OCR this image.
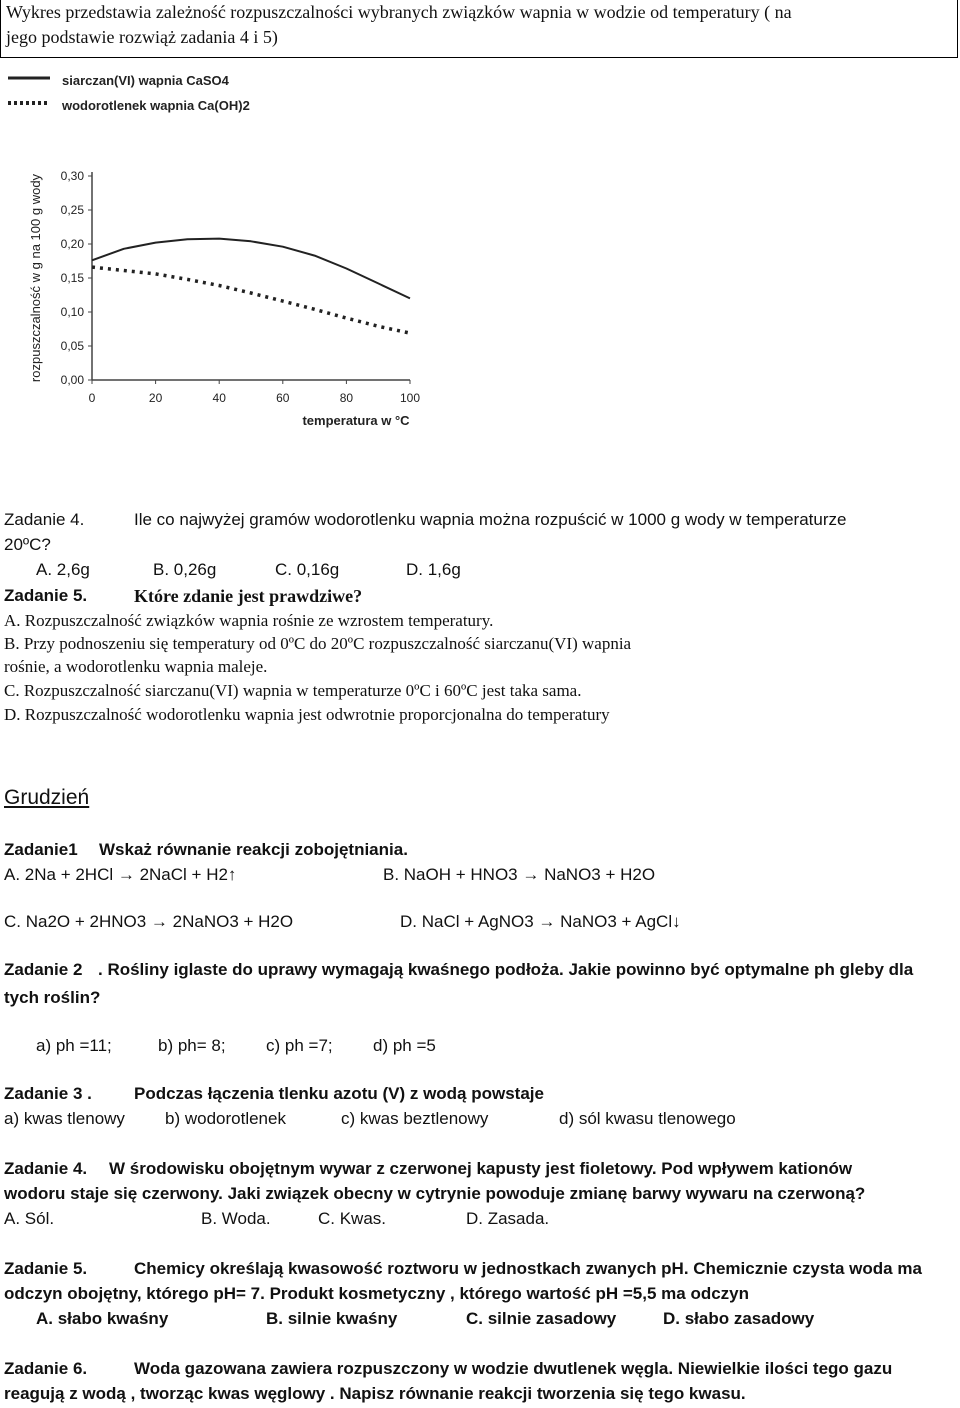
Wykres przedstawia zależność rozpuszczalności wybranych związków wapnia w wodzie od temperatury ( na
jego podstawie rozwiąż zadania 4 i 5)
siarczan(VI) wapnia CaSO4
wodorotlenek wapnia Ca(OH)2
0,00
0,05
0,10
0,15
0,20
0,25
0,30
0	20	40	60	80	100
rozpuszczalność w g na 100 g wody
temperatura w °C
Zadanie 4.	Ile co najwyżej gramów wodorotlenku wapnia można rozpuścić w 1000 g wody w temperaturze
20ºC?
A. 2,6g	B. 0,26g	C. 0,16g	D. 1,6g
Zadanie 5.	Które zdanie jest prawdziwe?
A. Rozpuszczalność związków wapnia rośnie ze wzrostem temperatury.
B. Przy podnoszeniu się temperatury od 0ºC do 20ºC rozpuszczalność siarczanu(VI) wapnia
rośnie, a wodorotlenku wapnia maleje.
C. Rozpuszczalność siarczanu(VI) wapnia w temperaturze 0ºC i 60ºC jest taka sama.
D. Rozpuszczalność wodorotlenku wapnia jest odwrotnie proporcjonalna do temperatury
Grudzień
Zadanie1 Wskaż równanie reakcji zobojętniania.
A. 2Na + 2HCl → 2NaCl + H2↑	B. NaOH + HNO3 → NaNO3 + H2O
C. Na2O + 2HNO3 → 2NaNO3 + H2O	D. NaCl + AgNO3 → NaNO3 + AgCl↓
Zadanie 2 . Rośliny iglaste do uprawy wymagają kwaśnego podłoża. Jakie powinno być optymalne ph gleby dla
tych roślin?
a) ph =11;	b) ph= 8; c) ph =7; d) ph =5
Zadanie 3 . Podczas łączenia tlenku azotu (V) z wodą powstaje
a) kwas tlenowy b) wodorotlenek	c) kwas beztlenowy	d) sól kwasu tlenowego
Zadanie 4. W środowisku obojętnym wywar z czerwonej kapusty jest fioletowy. Pod wpływem kationów
wodoru staje się czerwony. Jaki związek obecny w cytrynie powoduje zmianę barwy wywaru na czerwoną?
A. Sól.	B. Woda.	C. Kwas.	D. Zasada.
Zadanie 5.	Chemicy określają kwasowość roztworu w jednostkach zwanych pH. Chemicznie czysta woda ma
odczyn obojętny, którego pH= 7. Produkt kosmetyczny , którego wartość pH =5,5 ma odczyn
A. słabo kwaśny	B. silnie kwaśny	C. silnie zasadowy	D. słabo zasadowy
Zadanie 6.	Woda gazowana zawiera rozpuszczony w wodzie dwutlenek węgla. Niewielkie ilości tego gazu
reagują z wodą , tworząc kwas węglowy . Napisz równanie reakcji tworzenia się tego kwasu.
